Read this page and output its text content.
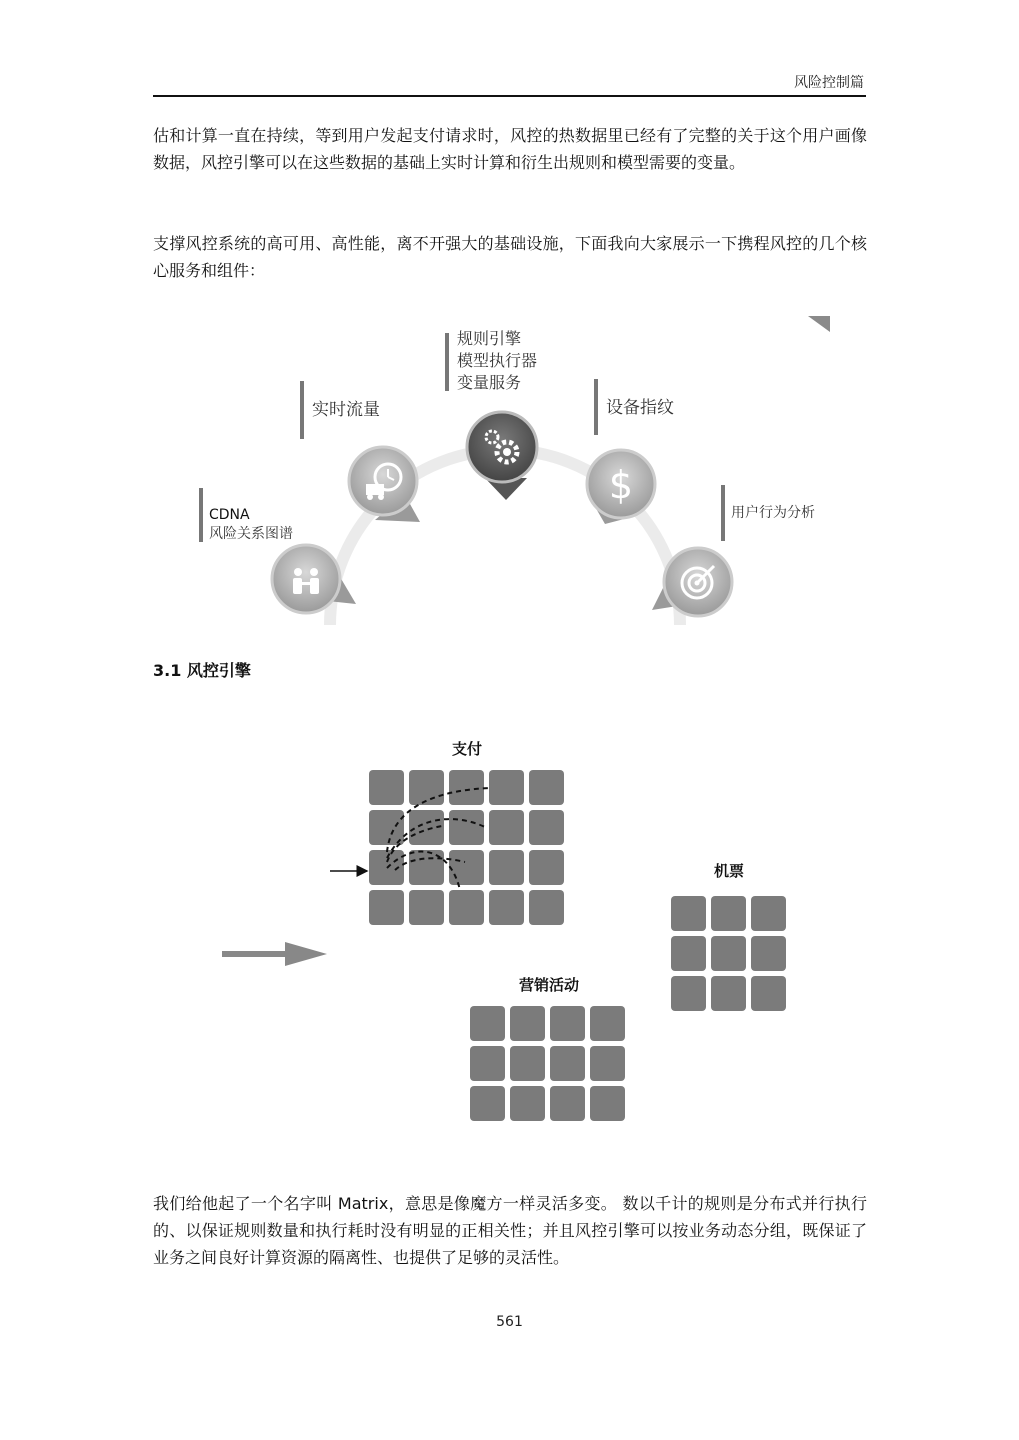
风险控制篇
估和计算一直在持续，等到用户发起支付请求时，风控的热数据里已经有了完整的关于这个用户画像数据，风控引擎可以在这些数据的基础上实时计算和衍生出规则和模型需要的变量。
支撑风控系统的高可用、高性能，离不开强大的基础设施，下面我向大家展示一下携程风控的几个核心服务和组件：
CDNA
风险关系图谱
实时流量
规则引擎
模型执行器
变量服务
设备指纹
用户行为分析
$
3.1 风控引擎
支付
机票
营销活动
我们给他起了一个名字叫 Matrix，意思是像魔方一样灵活多变。 数以千计的规则是分布式并行执行的、以保证规则数量和执行耗时没有明显的正相关性；并且风控引擎可以按业务动态分组，既保证了业务之间良好计算资源的隔离性、也提供了足够的灵活性。
561
